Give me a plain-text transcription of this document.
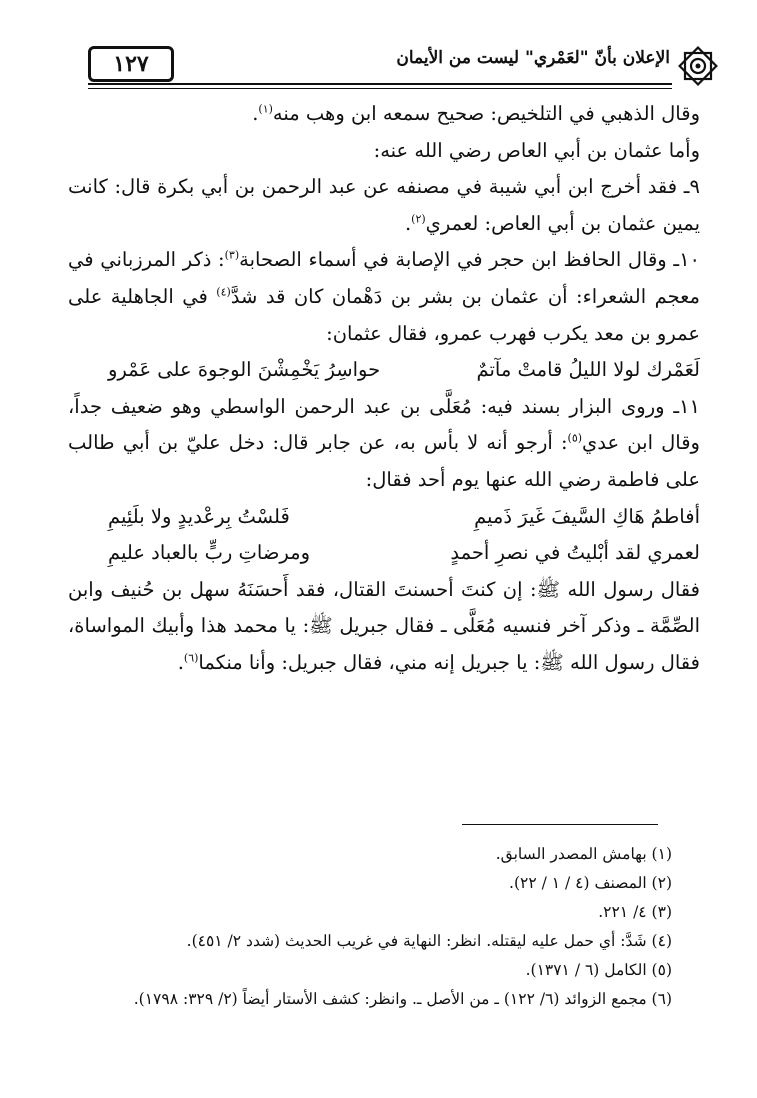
الإعلان بأنّ "لعَمْري" ليست من الأيمان
١٢٧

وقال الذهبي في التلخيص: صحيح سمعه ابن وهب منه$^{(١)}$.

وأما عثمان بن أبي العاص رضي الله عنه:

٩ـ فقد أخرج ابن أبي شيبة في مصنفه عن عبد الرحمن بن أبي بكرة قال: كانت يمين عثمان بن أبي العاص: لعمري$^{(٢)}$.

١٠ـ وقال الحافظ ابن حجر في الإصابة في أسماء الصحابة$^{(٣)}$: ذكر المرزباني في معجم الشعراء: أن عثمان بن بشر بن دَهْمان كان قد شدَّ$^{(٤)}$ في الجاهلية على عمرو بن معد يكرب فهرب عمرو، فقال عثمان:

لَعَمْرك لولا الليلُ قامتْ مآتمٌ
حواسِرُ يَخْمِشْنَ الوجوهَ على عَمْرو

١١ـ وروى البزار بسند فيه: مُعَلَّى بن عبد الرحمن الواسطي وهو ضعيف جداً، وقال ابن عدي$^{(٥)}$: أرجو أنه لا بأس به، عن جابر قال: دخل عليّ بن أبي طالب على فاطمة رضي الله عنها يوم أحد فقال:

أفاطمُ هَاكِ السَّيفَ غَيرَ ذَميمِ
فَلسْتُ بِرعْديدٍ ولا بلَئِيمِ
لعمري لقد أبْليتُ في نصرِ أحمدٍ
ومرضاتِ ربٍّ بالعباد عليمِ

فقال رسول الله ﷺ: إن كنتَ أحسنتَ القتال، فقد أَحسَنَهُ سهل بن حُنيف وابن الصِّمَّة ـ وذكر آخر فنسيه مُعَلَّى ـ فقال جبريل ﷺ: يا محمد هذا وأبيك المواساة، فقال رسول الله ﷺ: يا جبريل إنه مني، فقال جبريل: وأنا منكما$^{(٦)}$.

(١) بهامش المصدر السابق.

(٢) المصنف (٤ / ١ / ٢٢).

(٣) ٤/ ٢٢١.

(٤) شَدَّ: أي حمل عليه ليقتله. انظر: النهاية في غريب الحديث (شدد ٢/ ٤٥١).

(٥) الكامل (٦ / ١٣٧١).

(٦) مجمع الزوائد (٦/ ١٢٢) ـ من الأصل ـ. وانظر: كشف الأستار أيضاً (٢/ ٣٢٩: ١٧٩٨).
